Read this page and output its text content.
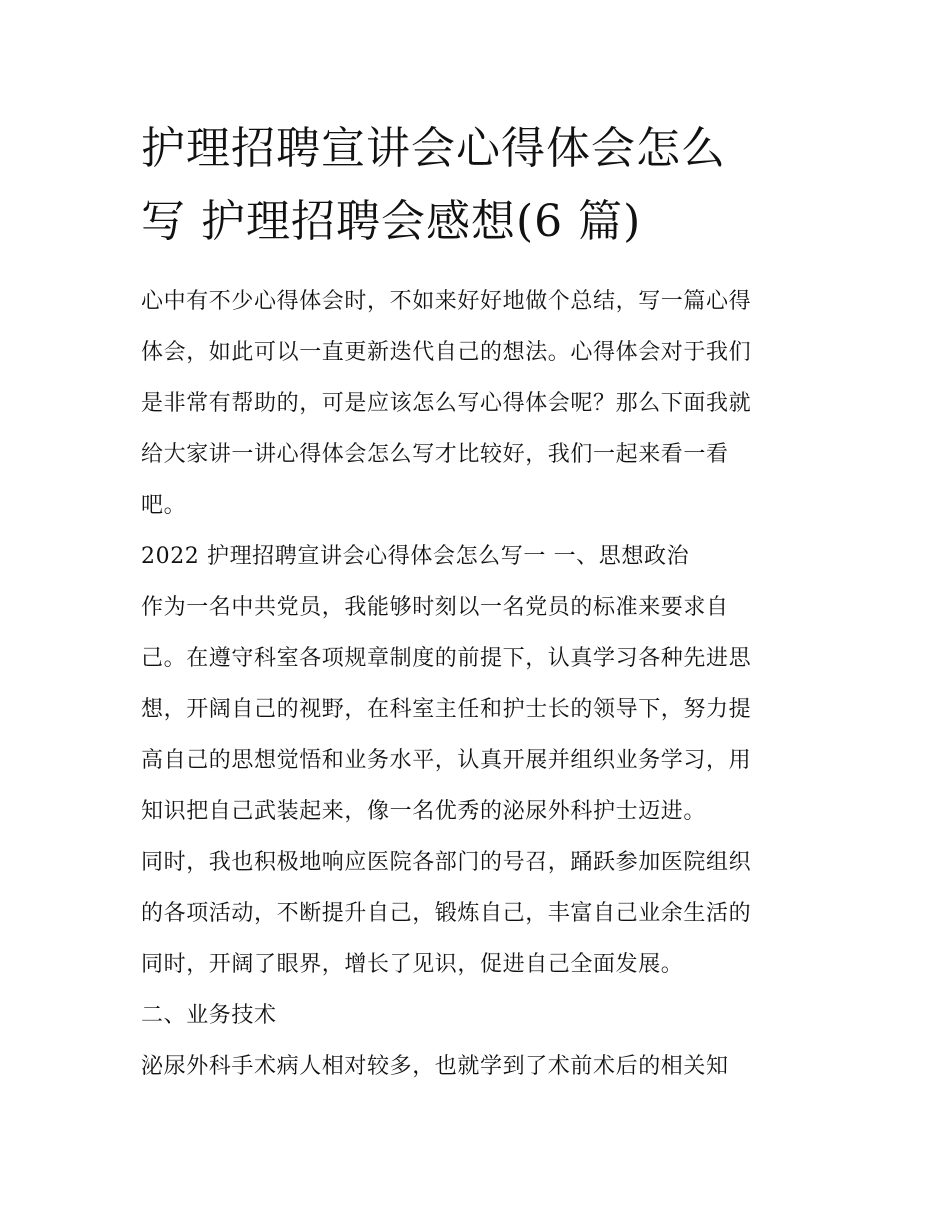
护理招聘宣讲会心得体会怎么
写 护理招聘会感想(6 篇)
心中有不少心得体会时，不如来好好地做个总结，写一篇心得
体会，如此可以一直更新迭代自己的想法。心得体会对于我们
是非常有帮助的，可是应该怎么写心得体会呢？那么下面我就
给大家讲一讲心得体会怎么写才比较好，我们一起来看一看
吧。
2022 护理招聘宣讲会心得体会怎么写一 一、思想政治
作为一名中共党员，我能够时刻以一名党员的标准来要求自
己。在遵守科室各项规章制度的前提下，认真学习各种先进思
想，开阔自己的视野，在科室主任和护士长的领导下，努力提
高自己的思想觉悟和业务水平，认真开展并组织业务学习，用
知识把自己武装起来，像一名优秀的泌尿外科护士迈进。
同时，我也积极地响应医院各部门的号召，踊跃参加医院组织
的各项活动，不断提升自己，锻炼自己，丰富自己业余生活的
同时，开阔了眼界，增长了见识，促进自己全面发展。
二、业务技术
泌尿外科手术病人相对较多，也就学到了术前术后的相关知
